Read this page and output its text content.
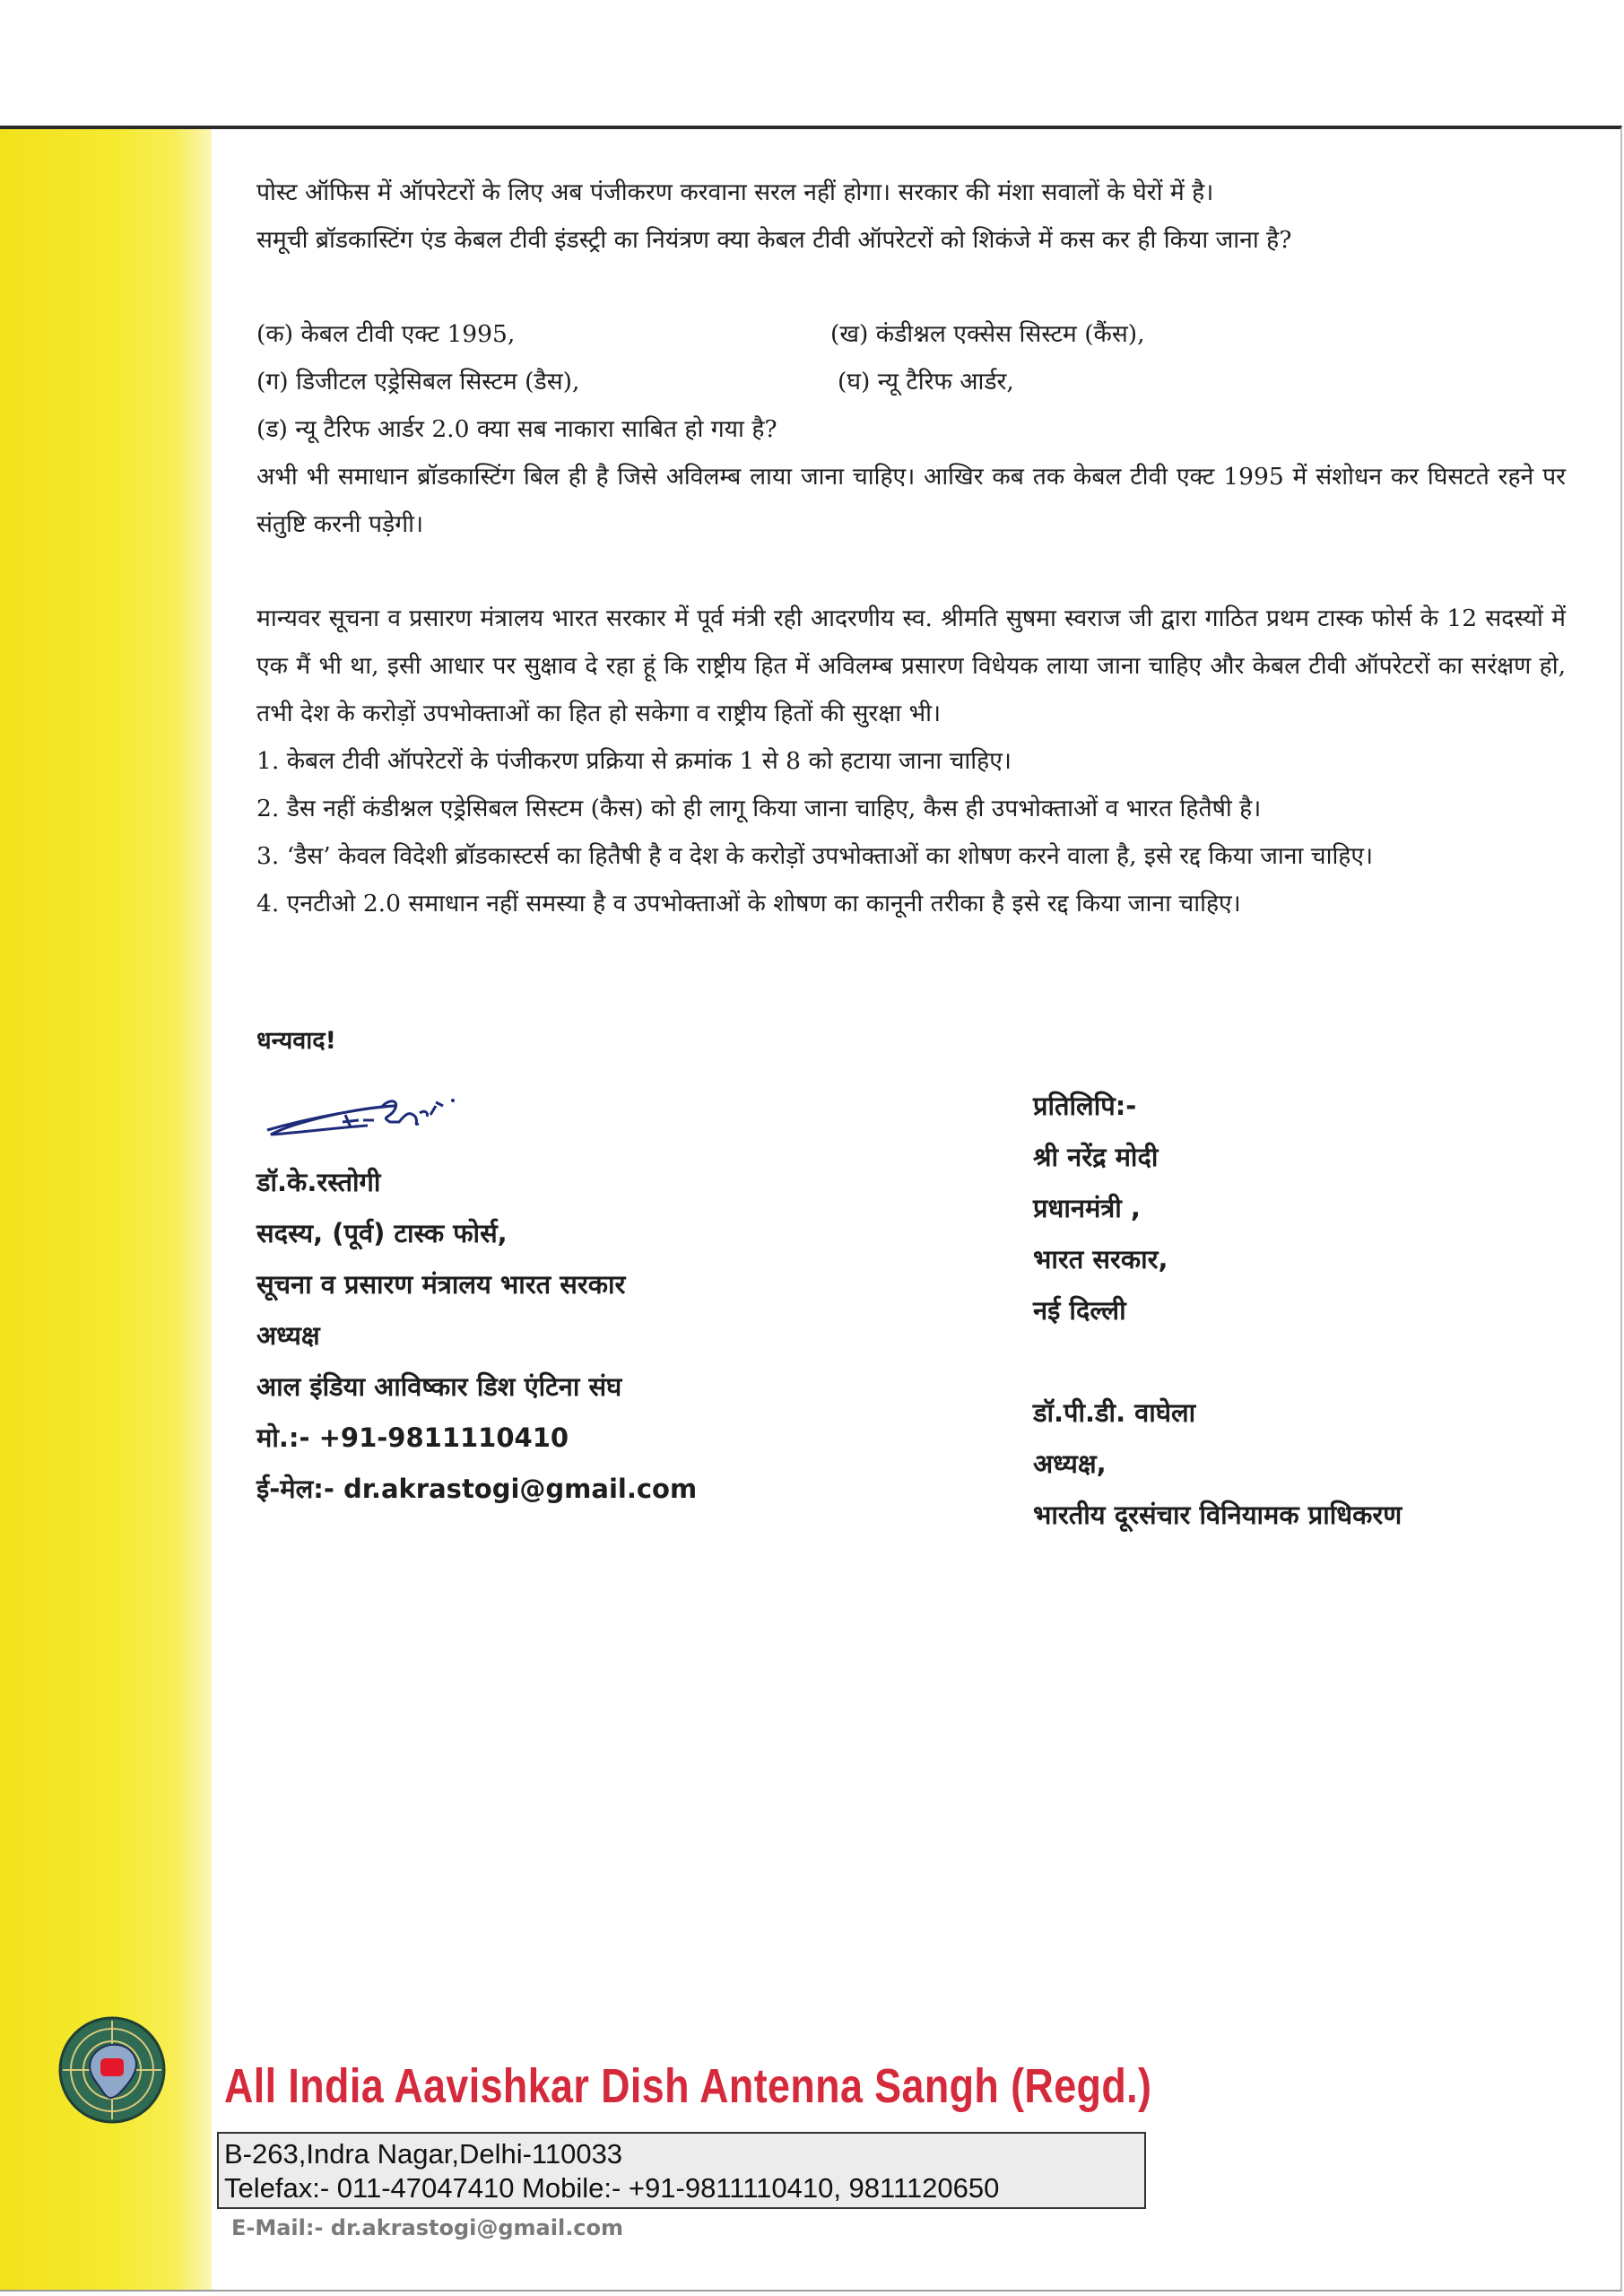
पोस्ट ऑफिस में ऑपरेटरों के लिए अब पंजीकरण करवाना सरल नहीं होगा। सरकार की मंशा सवालों के घेरों में है।

समूची ब्रॉडकास्टिंग एंड केबल टीवी इंडस्ट्री का नियंत्रण क्या केबल टीवी ऑपरेटरों को शिकंजे में कस कर ही किया जाना है?

(क) केबल टीवी एक्ट 1995,	(ख) कंडीश्नल एक्सेस सिस्टम (कैंस),
(ग) डिजीटल एड्रेसिबल सिस्टम (डैस),	(घ) न्यू टैरिफ आर्डर,

(ड) न्यू टैरिफ आर्डर 2.0 क्या सब नाकारा साबित हो गया है?

अभी भी समाधान ब्रॉडकास्टिंग बिल ही है जिसे अविलम्ब लाया जाना चाहिए। आखिर कब तक केबल टीवी एक्ट 1995 में संशोधन कर घिसटते रहने पर संतुष्टि करनी पड़ेगी।

मान्यवर सूचना व प्रसारण मंत्रालय भारत सरकार में पूर्व मंत्री रही आदरणीय स्व. श्रीमति सुषमा स्वराज जी द्वारा गाठित प्रथम टास्क फोर्स के 12 सदस्यों में एक मैं भी था, इसी आधार पर सुक्षाव दे रहा हूं कि राष्ट्रीय हित में अविलम्ब प्रसारण विधेयक लाया जाना चाहिए और केबल टीवी ऑपरेटरों का सरंक्षण हो, तभी देश के करोड़ों उपभोक्ताओं का हित हो सकेगा व राष्ट्रीय हितों की सुरक्षा भी।

1. केबल टीवी ऑपरेटरों के पंजीकरण प्रक्रिया से क्रमांक 1 से 8 को हटाया जाना चाहिए।

2. डैस नहीं कंडीश्नल एड्रेसिबल सिस्टम (कैस) को ही लागू किया जाना चाहिए, कैस ही उपभोक्ताओं व भारत हितैषी है।

3. ‘डैस’ केवल विदेशी ब्रॉडकास्टर्स का हितैषी है व देश के करोड़ों उपभोक्ताओं का शोषण करने वाला है, इसे रद्द किया जाना चाहिए।

4. एनटीओ 2.0 समाधान नहीं समस्या है व उपभोक्ताओं के शोषण का कानूनी तरीका है इसे रद्द किया जाना चाहिए।

धन्यवाद!
डॉ.के.रस्तोगी
सदस्य, (पूर्व) टास्क फोर्स,
सूचना व प्रसारण मंत्रालय भारत सरकार
अध्यक्ष
आल इंडिया आविष्कार डिश एंटिना संघ
मो.:- +91-9811110410
ई-मेल:- dr.akrastogi@gmail.com
प्रतिलिपि:-
श्री नरेंद्र मोदी
प्रधानमंत्री ,
भारत सरकार,
नई दिल्ली
डॉ.पी.डी. वाघेला
अध्यक्ष,
भारतीय दूरसंचार विनियामक प्राधिकरण
All India Aavishkar Dish Antenna Sangh (Regd.)
B-263,Indra Nagar,Delhi-110033
Telefax:- 011-47047410 Mobile:- +91-9811110410, 9811120650
E-Mail:- dr.akrastogi@gmail.com
